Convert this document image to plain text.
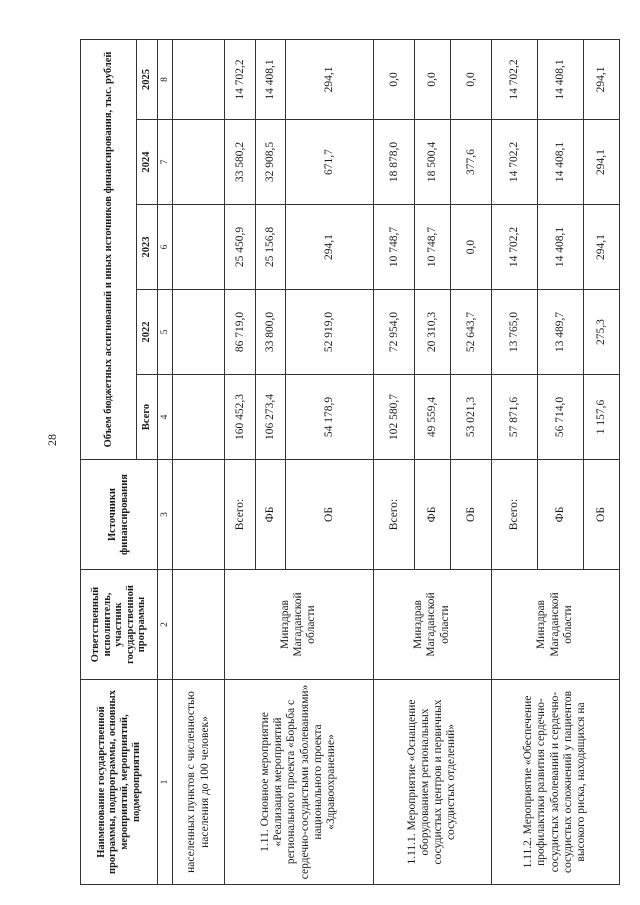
28
Наименование государственной программы, подпрограммы, основных мероприятий, мероприятий, подмероприятий	Ответственный исполнитель, участник государственной программы	Источники финансирования	Объем бюджетных ассигнований и иных источников финансирования, тыс. рублей				
			Всего	2022	2023	2024	2025
1	2	3	4	5	6	7	8
населенных пунктов с численностью населения до 100 человек»							
1.11. Основное мероприятие «Реализация мероприятий регионального проекта «Борьба с сердечно-сосудистыми заболеваниями» национального проекта «Здравоохранение»	Минздрав Магаданской области	Всего:	160 452,3	86 719,0	25 450,9	33 580,2	14 702,2
		ФБ	106 273,4	33 800,0	25 156,8	32 908,5	14 408,1
		ОБ	54 178,9	52 919,0	294,1	671,7	294,1
1.11.1. Мероприятие «Оснащение оборудованием региональных сосудистых центров и первичных сосудистых отделений»	Минздрав Магаданской области	Всего:	102 580,7	72 954,0	10 748,7	18 878,0	0,0
		ФБ	49 559,4	20 310,3	10 748,7	18 500,4	0,0
		ОБ	53 021,3	52 643,7	0,0	377,6	0,0
1.11.2. Мероприятие «Обеспечение профилактики развития сердечно-сосудистых заболеваний и сердечно-сосудистых осложнений у пациентов высокого риска, находящихся на	Минздрав Магаданской области	Всего:	57 871,6	13 765,0	14 702,2	14 702,2	14 702,2
		ФБ	56 714,0	13 489,7	14 408,1	14 408,1	14 408,1
		ОБ	1 157,6	275,3	294,1	294,1	294,1
